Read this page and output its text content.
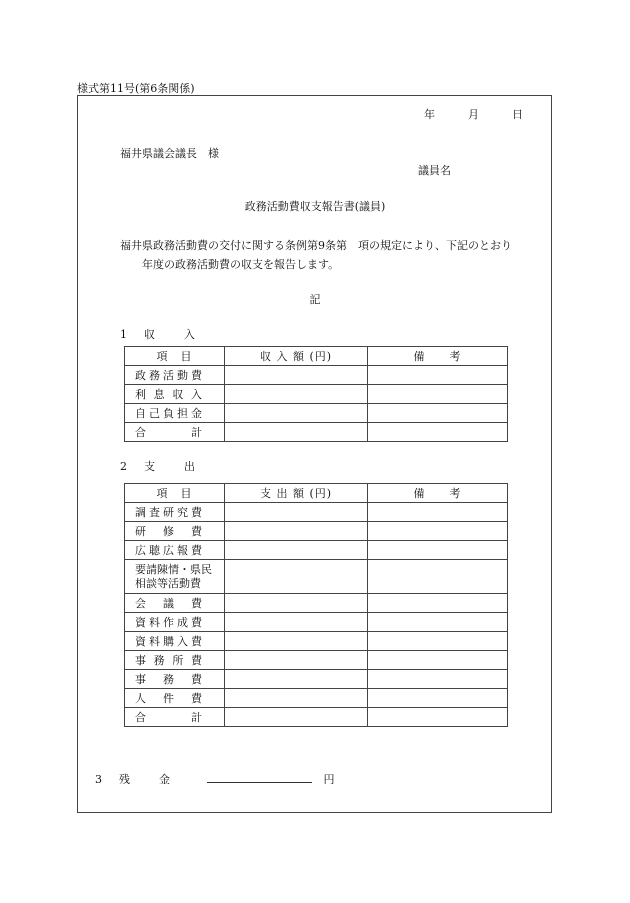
様式第11号(第6条関係)
年	月	日
福井県議会議長　様
議員名
政務活動費収支報告書(議員)
福井県政務活動費の交付に関する条例第9条第　項の規定により、下記のとおり
年度の政務活動費の収支を報告します。
記
1 収	入
項　目	収 入 額 (円)	備　　考
政務活動費		
利息収入		
自己負担金		
合計		
2 支	出
項　目	支 出 額 (円)	備　　考
調査研究費		
研修費		
広聴広報費		

要請陳情・県民
相談等活動費		

会議費		
資料作成費		
資料購入費		
事務所費		
事務費		
人件費		
合計		
3 残	金	円
